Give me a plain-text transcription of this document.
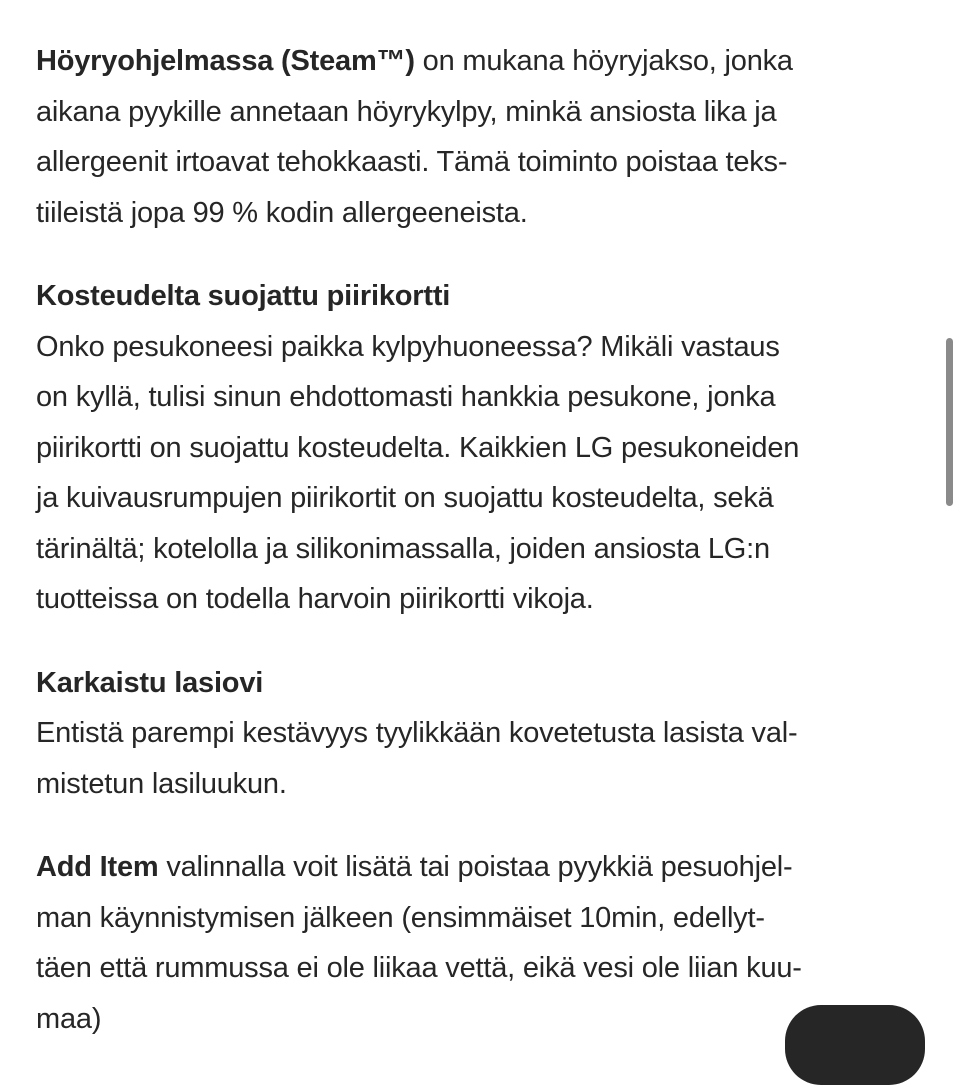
Höyryohjelmassa (Steam™) on mukana höyryjakso, jonka

aikana pyykille annetaan höyrykylpy, minkä ansiosta lika ja

allergeenit irtoavat tehokkaasti. Tämä toiminto poistaa teks-

tiileistä jopa 99 % kodin allergeeneista.

Kosteudelta suojattu piirikortti

Onko pesukoneesi paikka kylpyhuoneessa? Mikäli vastaus

on kyllä, tulisi sinun ehdottomasti hankkia pesukone, jonka

piirikortti on suojattu kosteudelta. Kaikkien LG pesukoneiden

ja kuivausrumpujen piirikortit on suojattu kosteudelta, sekä

tärinältä; kotelolla ja silikonimassalla, joiden ansiosta LG:n

tuotteissa on todella harvoin piirikortti vikoja.

Karkaistu lasiovi

Entistä parempi kestävyys tyylikkään kovetetusta lasista val-

mistetun lasiluukun.

Add Item valinnalla voit lisätä tai poistaa pyykkiä pesuohjel-

man käynnistymisen jälkeen (ensimmäiset 10min, edellyt-

täen että rummussa ei ole liikaa vettä, eikä vesi ole liian kuu-

maa)
